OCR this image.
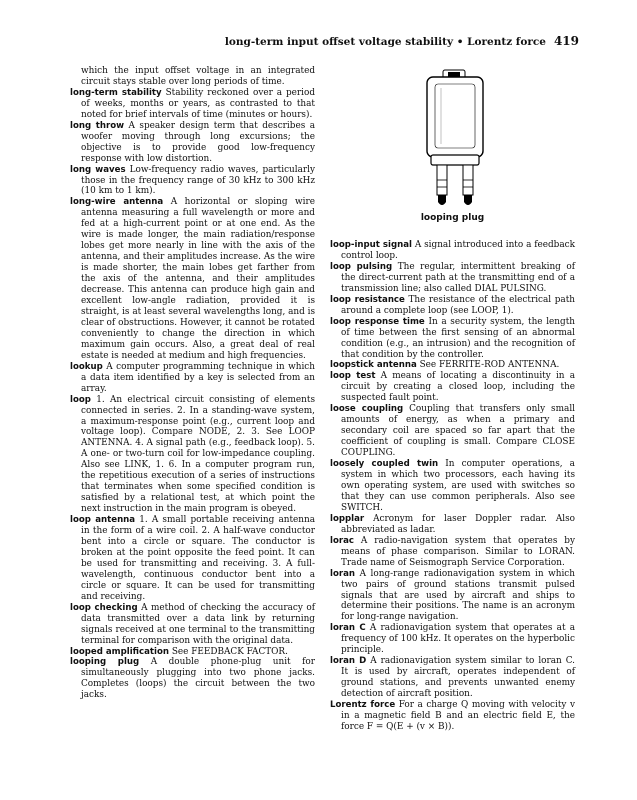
long-term input offset voltage stability • Lorentz force 419
looping plug

which the input offset voltage in an integrated circuit stays stable over long periods of time.

long-term stability Stability reckoned over a period of weeks, months or years, as contrasted to that noted for brief intervals of time (minutes or hours).

long throw A speaker design term that describes a woofer moving through long excursions; the objective is to provide good low-frequency response with low distortion.

long waves Low-frequency radio waves, particularly those in the frequency range of 30 kHz to 300 kHz (10 km to 1 km).

long-wire antenna A horizontal or sloping wire antenna measuring a full wavelength or more and fed at a high-current point or at one end. As the wire is made longer, the main radiation/response lobes get more nearly in line with the axis of the antenna, and their amplitudes increase. As the wire is made shorter, the main lobes get farther from the axis of the antenna, and their amplitudes decrease. This antenna can produce high gain and excellent low-angle radiation, provided it is straight, is at least several wavelengths long, and is clear of obstructions. However, it cannot be rotated conveniently to change the direction in which maximum gain occurs. Also, a great deal of real estate is needed at medium and high frequencies.

lookup A computer programming technique in which a data item identified by a key is selected from an array.

loop 1. An electrical circuit consisting of elements connected in series. 2. In a standing-wave system, a maximum-response point (e.g., current loop and voltage loop). Compare NODE, 2. 3. See LOOP ANTENNA. 4. A signal path (e.g., feedback loop). 5. A one- or two-turn coil for low-impedance coupling. Also see LINK, 1. 6. In a computer program run, the repetitious execution of a series of instructions that terminates when some specified condition is satisfied by a relational test, at which point the next instruction in the main program is obeyed.

loop antenna 1. A small portable receiving antenna in the form of a wire coil. 2. A half-wave conductor bent into a circle or square. The conductor is broken at the point opposite the feed point. It can be used for transmitting and receiving. 3. A full-wavelength, continuous conductor bent into a circle or square. It can be used for transmitting and receiving.

loop checking A method of checking the accuracy of data transmitted over a data link by returning signals received at one terminal to the transmitting terminal for comparison with the original data.

looped amplification See FEEDBACK FACTOR.

looping plug A double phone-plug unit for simultaneously plugging into two phone jacks. Completes (loops) the circuit between the two jacks.

loop-input signal A signal introduced into a feedback control loop.

loop pulsing The regular, intermittent breaking of the direct-current path at the transmitting end of a transmission line; also called DIAL PULSING.

loop resistance The resistance of the electrical path around a complete loop (see LOOP, 1).

loop response time In a security system, the length of time between the first sensing of an abnormal condition (e.g., an intrusion) and the recognition of that condition by the controller.

loopstick antenna See FERRITE-ROD ANTENNA.

loop test A means of locating a discontinuity in a circuit by creating a closed loop, including the suspected fault point.

loose coupling Coupling that transfers only small amounts of energy, as when a primary and secondary coil are spaced so far apart that the coefficient of coupling is small. Compare CLOSE COUPLING.

loosely coupled twin In computer operations, a system in which two processors, each having its own operating system, are used with switches so that they can use common peripherals. Also see SWITCH.

lopplar Acronym for laser Doppler radar. Also abbreviated as ladar.

lorac A radio-navigation system that operates by means of phase comparison. Similar to LORAN. Trade name of Seismograph Service Corporation.

loran A long-range radionavigation system in which two pairs of ground stations transmit pulsed signals that are used by aircraft and ships to determine their positions. The name is an acronym for long-range navigation.

loran C A radionavigation system that operates at a frequency of 100 kHz. It operates on the hyperbolic principle.

loran D A radionavigation system similar to loran C. It is used by aircraft, operates independent of ground stations, and prevents unwanted enemy detection of aircraft position.

Lorentz force For a charge Q moving with velocity v in a magnetic field B and an electric field E, the force F = Q(E + (v × B)).
